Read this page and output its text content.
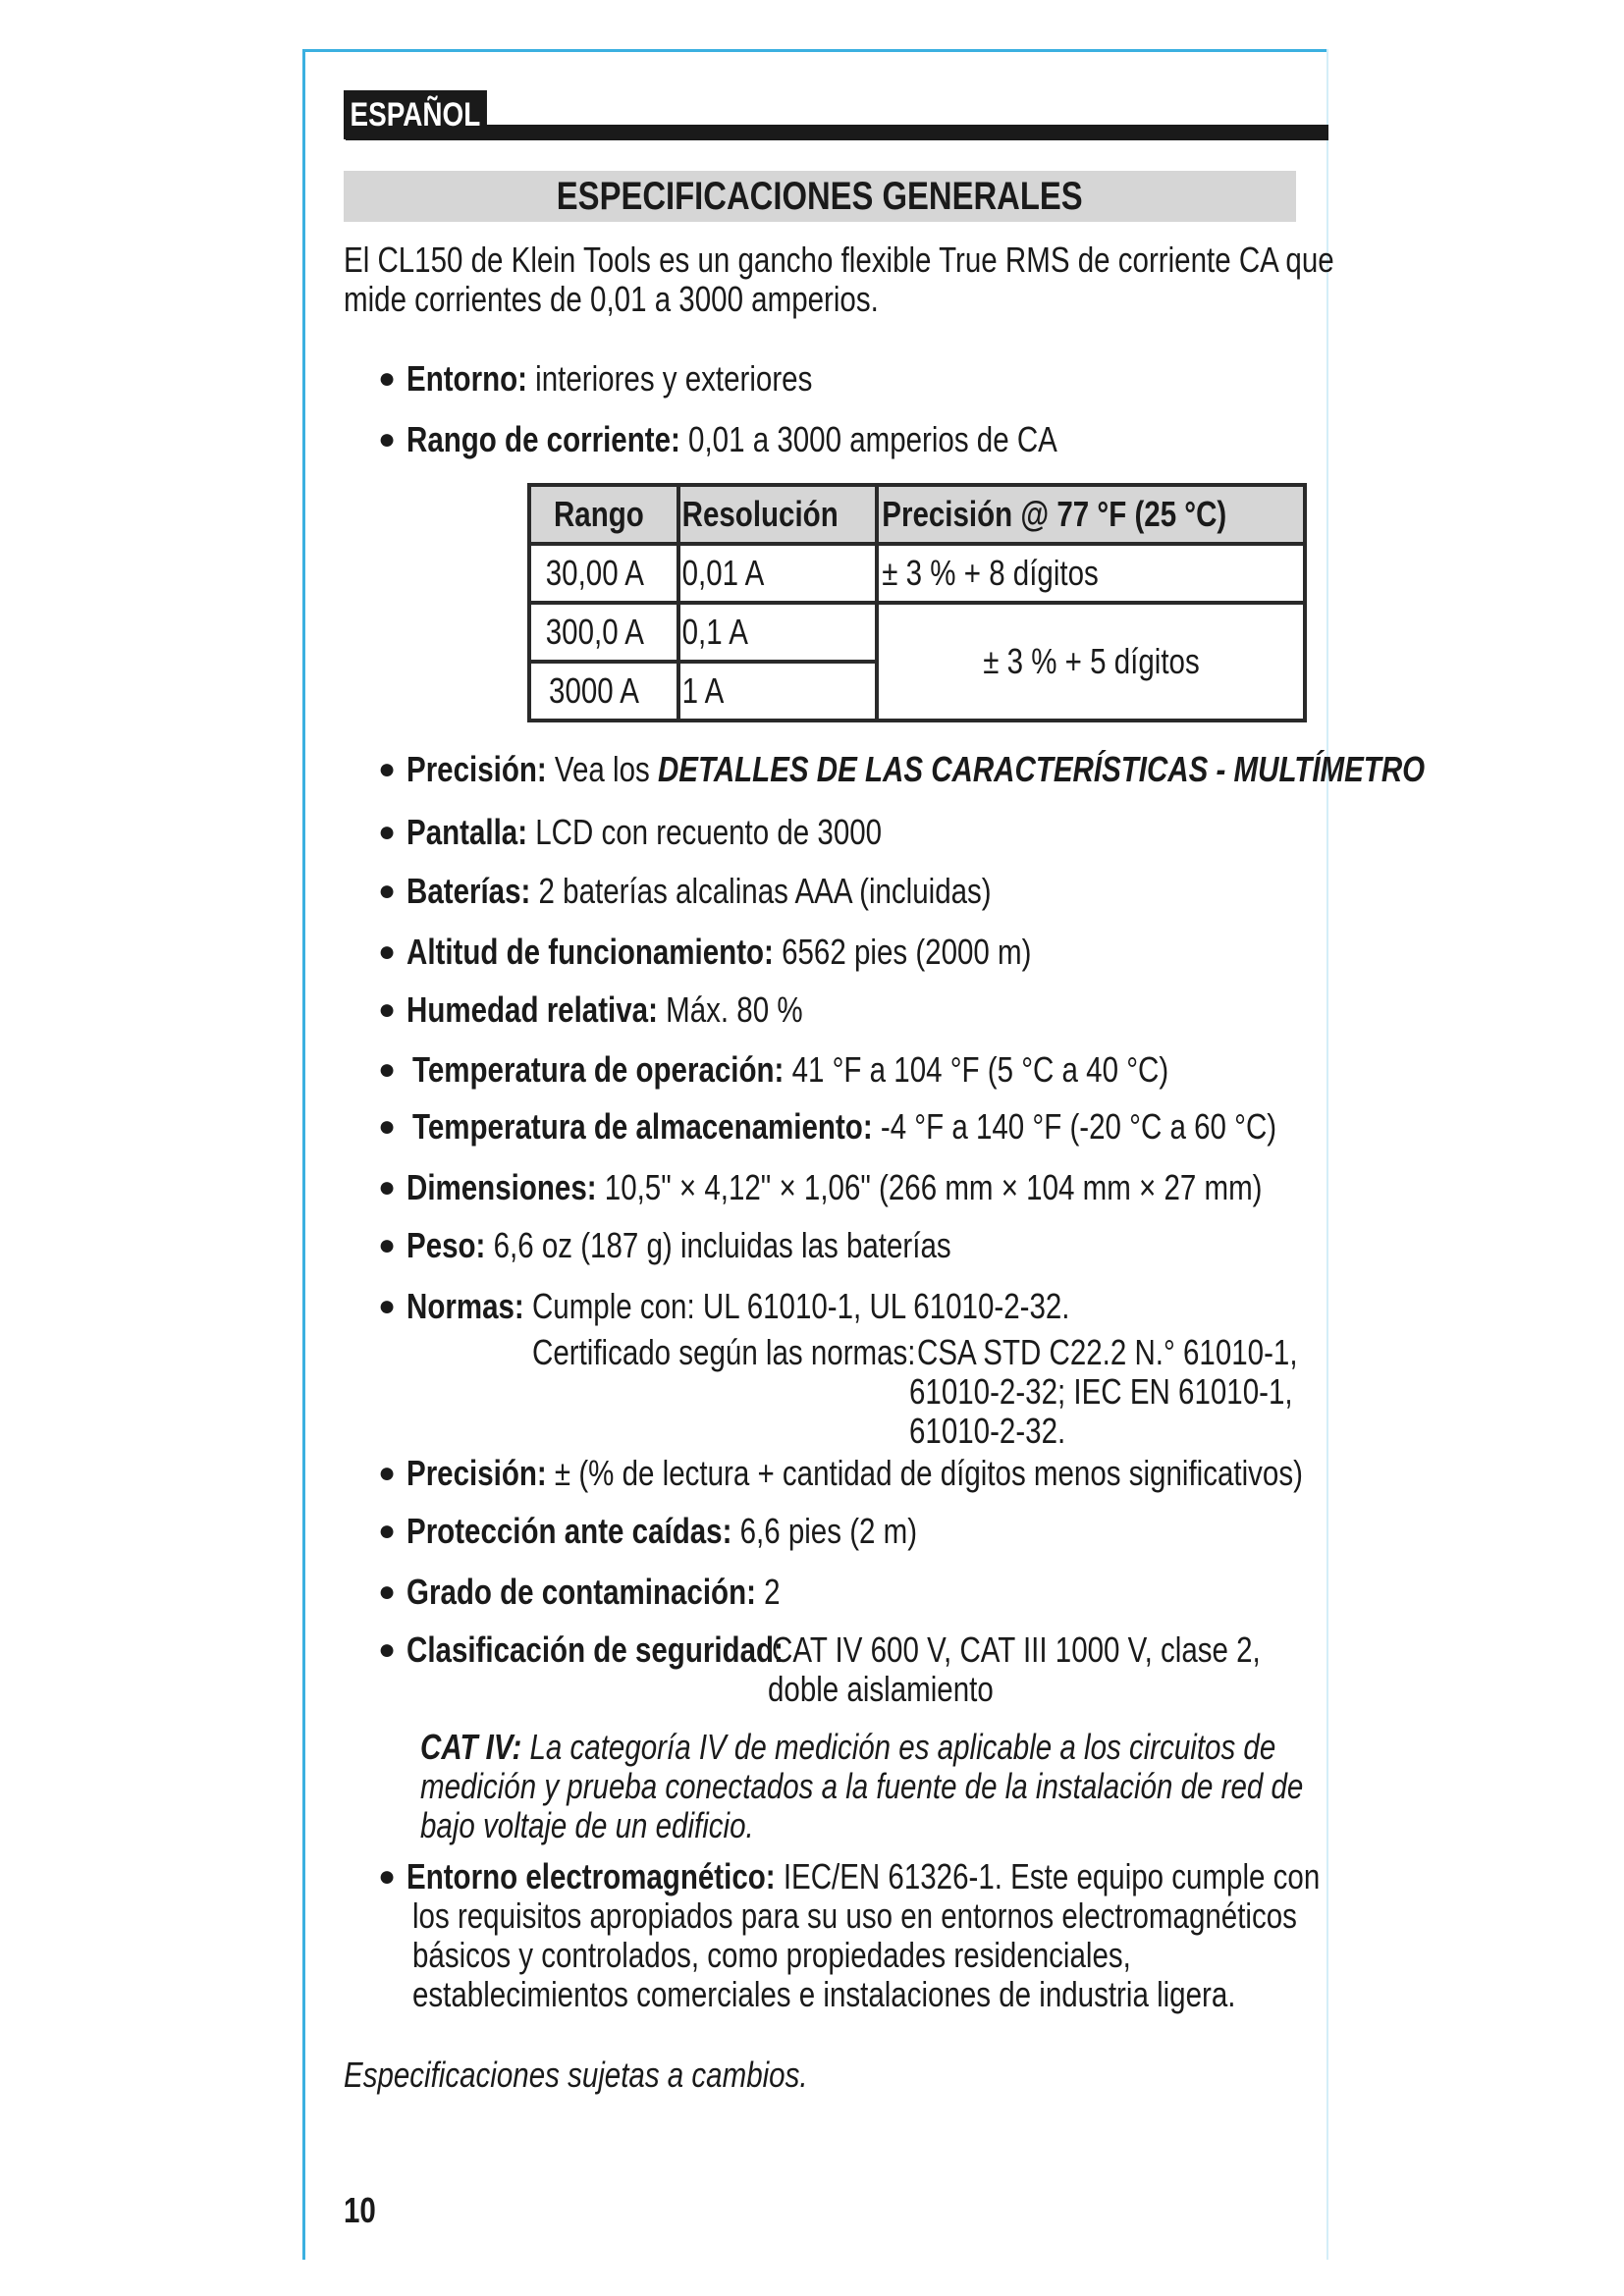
ESPAÑOL
ESPECIFICACIONES GENERALES
El CL150 de Klein Tools es un gancho flexible True RMS de corriente CA que
mide corrientes de 0,01 a 3000 amperios.
● Entorno: interiores y exteriores
● Rango de corriente: 0,01 a 3000 amperios de CA
Rango	Resolución	Precisión @ 77 °F (25 °C)

30,00 A	0,01 A	± 3 % + 8 dígitos

300,0 A	0,1 A	± 3 % + 5 dígitos

3000 A	1 A	
● Precisión: Vea los DETALLES DE LAS CARACTERÍSTICAS - MULTÍMETRO
● Pantalla: LCD con recuento de 3000
● Baterías: 2 baterías alcalinas AAA (incluidas)
● Altitud de funcionamiento: 6562 pies (2000 m)
● Humedad relativa: Máx. 80 %
● Temperatura de operación: 41 °F a 104 °F (5 °C a 40 °C)
● Temperatura de almacenamiento: -4 °F a 140 °F (-20 °C a 60 °C)
● Dimensiones: 10,5" × 4,12" × 1,06" (266 mm × 104 mm × 27 mm)
● Peso: 6,6 oz (187 g) incluidas las baterías
● Normas: Cumple con: UL 61010-1, UL 61010-2-32.
Certificado según las normas: CSA STD C22.2 N.° 61010-1,
61010-2-32; IEC EN 61010-1,
61010-2-32.
● Precisión: ± (% de lectura + cantidad de dígitos menos significativos)
● Protección ante caídas: 6,6 pies (2 m)
● Grado de contaminación: 2
● Clasificación de seguridad:
CAT IV 600 V, CAT III 1000 V, clase 2,
doble aislamiento
CAT IV: La categoría IV de medición es aplicable a los circuitos de
medición y prueba conectados a la fuente de la instalación de red de
bajo voltaje de un edificio.
● Entorno electromagnético: IEC/EN 61326-1. Este equipo cumple con
los requisitos apropiados para su uso en entornos electromagnéticos
básicos y controlados, como propiedades residenciales,
establecimientos comerciales e instalaciones de industria ligera.
Especificaciones sujetas a cambios.
10
